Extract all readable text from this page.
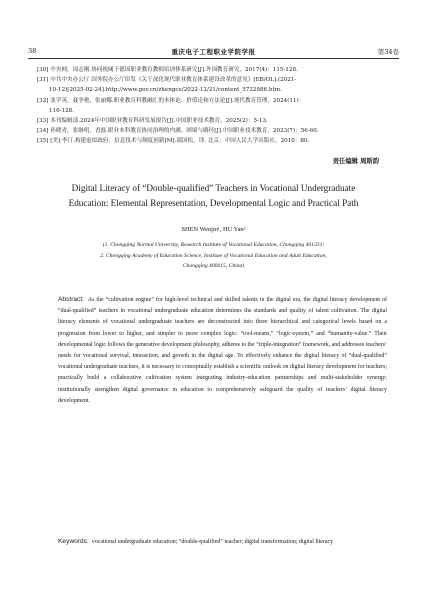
38	重庆电子工程职业学院学报	第34卷
[30] 中央网，周志刚.协同视阈下德国职业教育教师培训体系研究[J].外国教育研究，2017(4)：115-128.
[31] 中共中央办公厅 国务院办公厅印发《关于深化现代职业教育体系建设改革的意见》[EB/OL].(2021-
10-12)[2025-02-24].http://www.gov.cn/zhengce/2022-12/21/content_5732986.htm.
[32] 张学英，聂争艳，张丽娜.职业教育科教融汇的本体论、价值论和方法论[J].现代教育管理，2024(11)：
116-128.
[33] 本刊编辑部.2024年中国职业教育科研发展报告[J].中国职业技术教育，2025(2)：5-13.
[34] 孙晓青，张继明，香磊.职业本科教育协同治理的内涵、困境与路径[J].中国职业技术教育，2023(7)：56-60.
[35] [美]·李汀.构建虚拟政府：信息技术与制度创新[M].邵国松，译. 北京：中国人民大学出版社，2010：80.
责任编辑 周斯韵
Digital Literacy of “Double-qualified” Teachers in Vocational Undergraduate
Education: Elemental Representation, Developmental Logic and Practical Path
SHEN Wenjin¹, HU Yan²
(1. Chongqing Normal University, Research Institute of Vocational Education, Chongqing 401331;
2. Chongqing Academy of Education Science, Institute of Vocational Education and Adult Education,
Chongqing 400015, China)
Abstract: As the “cultivation engine” for high-level technical and skilled talents in the digital era, the digital literacy development of “dual-qualified” teachers in vocational undergraduate education determines the standards and quality of talent cultivation. The digital literacy elements of vocational undergraduate teachers are deconstructed into three hierarchical and categorical levels based on a progression from lower to higher, and simpler to more complex logic: “tool-means,” “logic-system,” and “humanity-value.” Their developmental logic follows the generative development philosophy, adheres to the “triple-integration” framework, and addresses teachers’ needs for vocational survival, interaction, and growth in the digital age. To effectively enhance the digital literacy of “dual-qualified” vocational undergraduate teachers, it is necessary to conceptually establish a scientific outlook on digital literacy development for teachers; practically build a collaborative cultivation system integrating industry-education partnerships and multi-stakeholder synergy; institutionally strengthen digital governance in education to comprehensively safeguard the quality of teachers’ digital literacy development.
Keywords: vocational undergraduate education; “double-qualified” teacher; digital transformation; digital literacy
